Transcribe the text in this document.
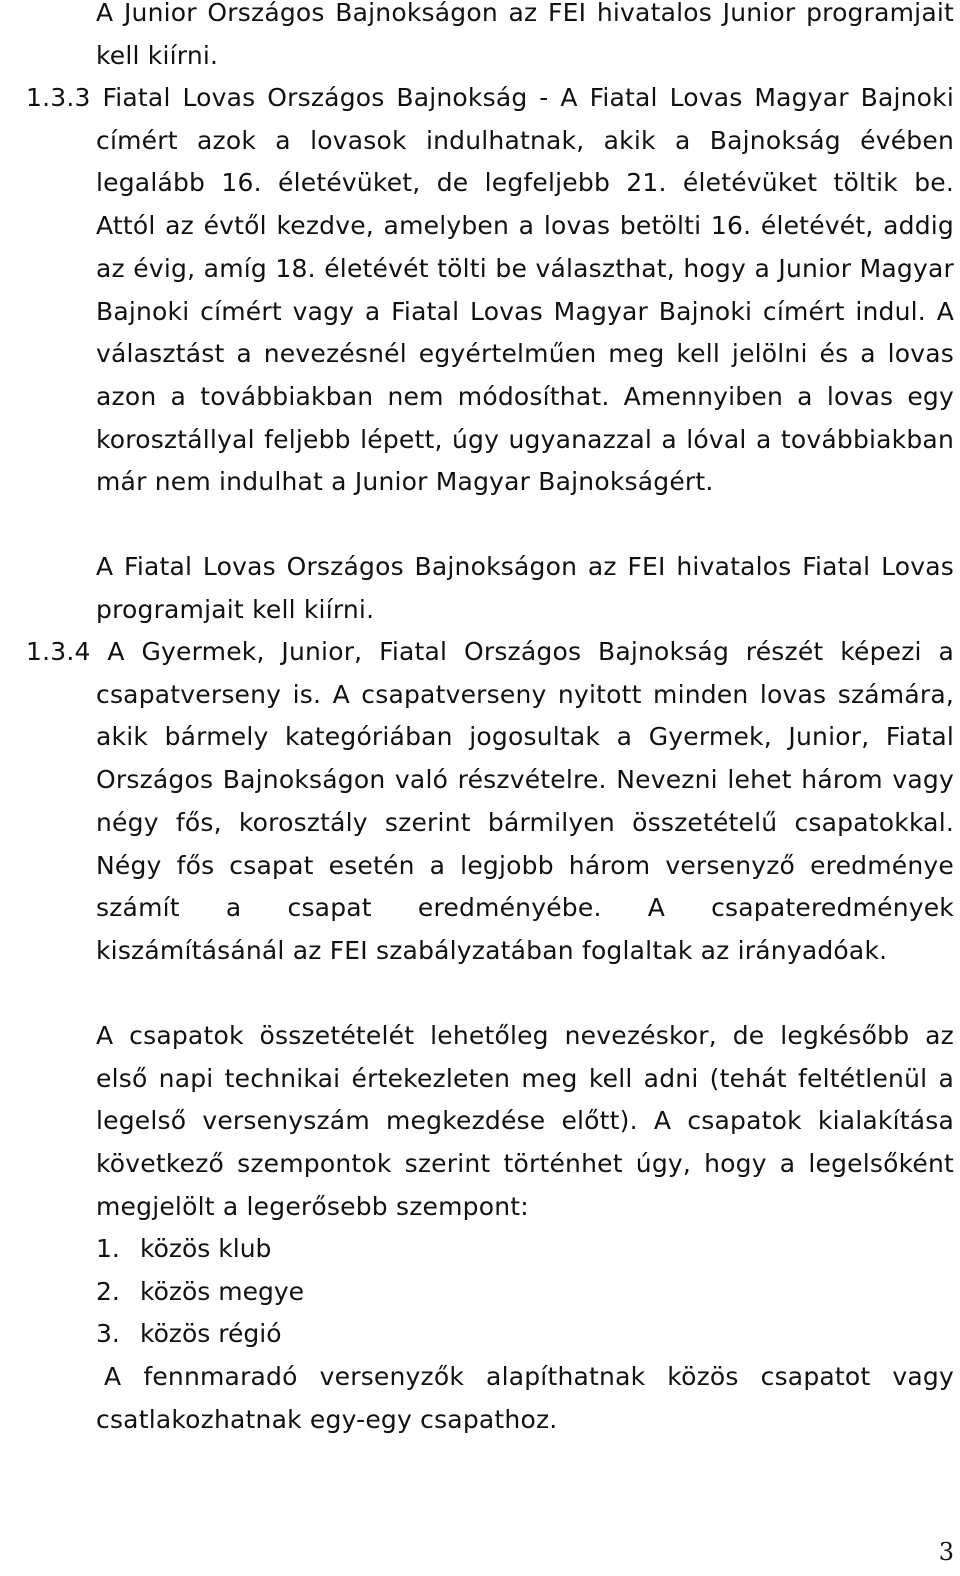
A Junior Országos Bajnokságon az FEI hivatalos Junior programjait kell kiírni.

1.3.3 Fiatal Lovas Országos Bajnokság - A Fiatal Lovas Magyar Bajnoki címért azok a lovasok indulhatnak, akik a Bajnokság évében legalább 16. életévüket, de legfeljebb 21. életévüket töltik be. Attól az évtől kezdve, amelyben a lovas betölti 16. életévét, addig az évig, amíg 18. életévét tölti be választhat, hogy a Junior Magyar Bajnoki címért vagy a Fiatal Lovas Magyar Bajnoki címért indul. A választást a nevezésnél egyértelműen meg kell jelölni és a lovas azon a továbbiakban nem módosíthat. Amennyiben a lovas egy korosztállyal feljebb lépett, úgy ugyanazzal a lóval a továbbiakban már nem indulhat a Junior Magyar Bajnokságért.

A Fiatal Lovas Országos Bajnokságon az FEI hivatalos Fiatal Lovas programjait kell kiírni.

1.3.4 A Gyermek, Junior, Fiatal Országos Bajnokság részét képezi a csapatverseny is. A csapatverseny nyitott minden lovas számára, akik bármely kategóriában jogosultak a Gyermek, Junior, Fiatal Országos Bajnokságon való részvételre. Nevezni lehet három vagy négy fős, korosztály szerint bármilyen összetételű csapatokkal. Négy fős csapat esetén a legjobb három versenyző eredménye számít a csapat eredményébe. A csapateredmények kiszámításánál az FEI szabályzatában foglaltak az irányadóak.

A csapatok összetételét lehetőleg nevezéskor, de legkésőbb az első napi technikai értekezleten meg kell adni (tehát feltétlenül a legelső versenyszám megkezdése előtt). A csapatok kialakítása következő szempontok szerint történhet úgy, hogy a legelsőként megjelölt a legerősebb szempont:

1. közös klub

2. közös megye

3. közös régió

A fennmaradó versenyzők alapíthatnak közös csapatot vagy csatlakozhatnak egy-egy csapathoz.

3
